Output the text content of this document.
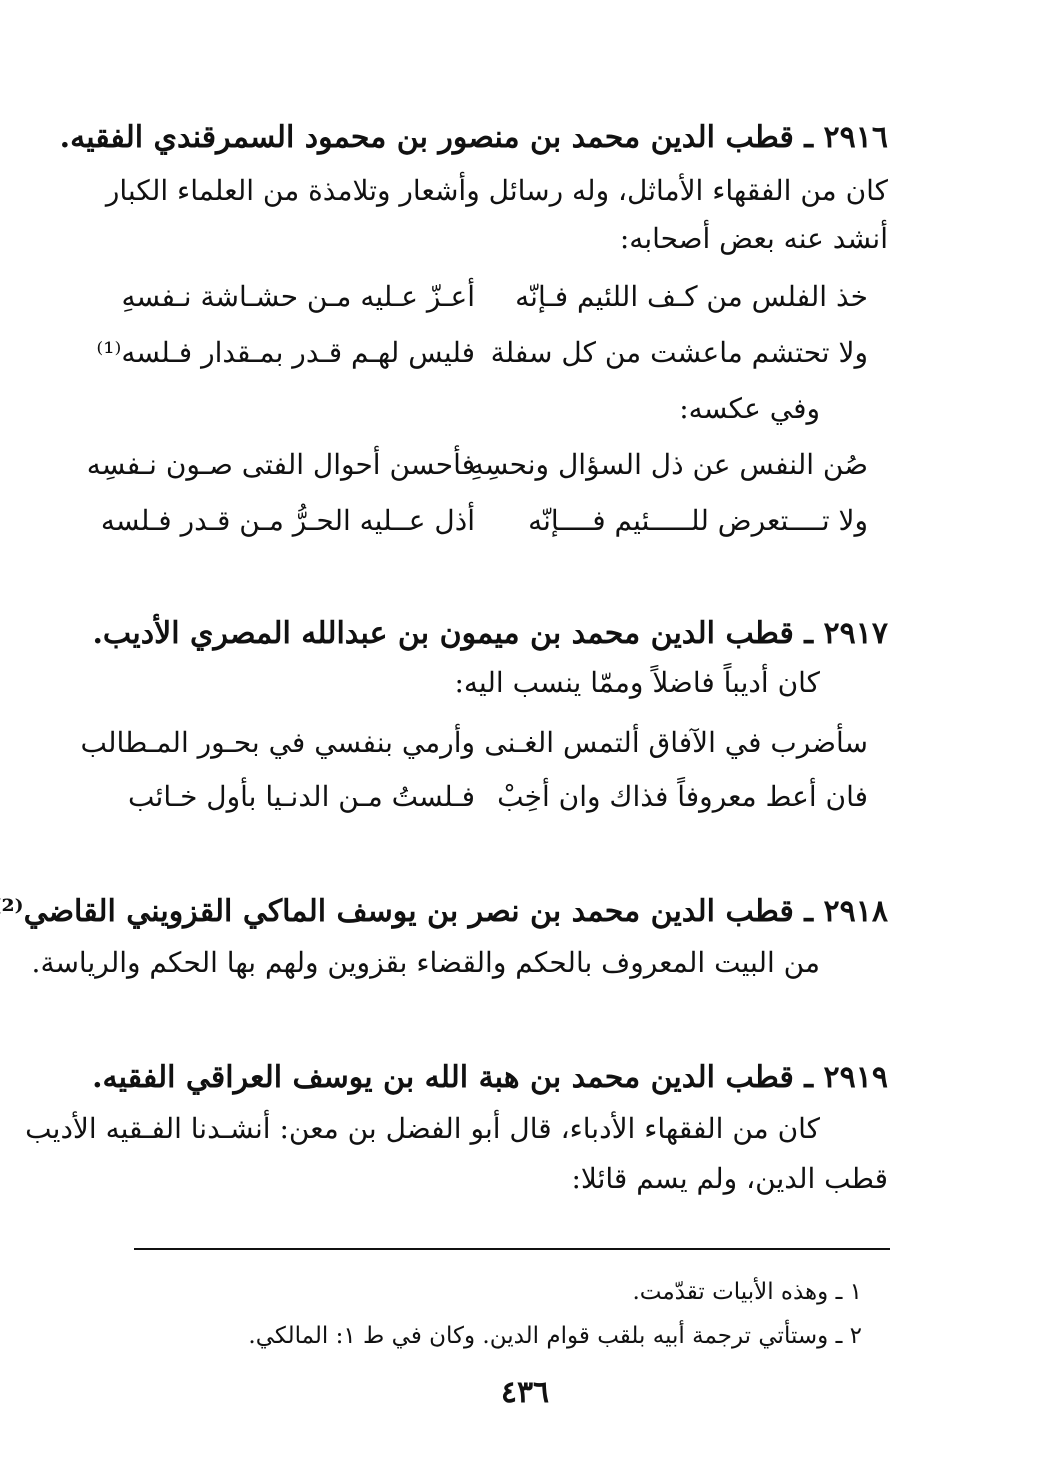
٢٩١٦ ـ قطب الدين محمد بن منصور بن محمود السمرقندي الفقيه.
كان من الفقهاء الأماثل، وله رسائل وأشعار وتلامذة من العلماء الكبار
أنشد عنه بعض أصحابه:
خذ الفلس من كـف اللئيم فـإنّه
أعـزّ عـليه مـن حشـاشة نـفسهِ
ولا تحتشم ماعشت من كل سفلة
فليس لهـم قـدر بمـقدار فـلسه⁽¹⁾
وفي عكسه:
صُن النفس عن ذل السؤال ونحسِهِ
فأحسن أحوال الفتى صـون نـفسِه
ولا تــــتعرض للـــــئيم فــــإنّه
أذل عــليه الحـرُّ مـن قـدر فـلسه
٢٩١٧ ـ قطب الدين محمد بن ميمون بن عبدالله المصري الأديب.
كان أديباً فاضلاً وممّا ينسب اليه:
سأضرب في الآفاق ألتمس الغـنى
وأرمي بنفسي في بحـور المـطالب
فان أعط معروفاً فذاك وان أخِبْ
فـلستُ مـن الدنـيا بأول خـائب
٢٩١٨ ـ قطب الدين محمد بن نصر بن يوسف الماكي القزويني القاضي⁽²
من البيت المعروف بالحكم والقضاء بقزوين ولهم بها الحكم والرياسة.
٢٩١٩ ـ قطب الدين محمد بن هبة الله بن يوسف العراقي الفقيه.
كان من الفقهاء الأدباء، قال أبو الفضل بن معن: أنشـدنا الفـقيه الأديب
قطب الدين، ولم يسم قائلا:
١ ـ وهذه الأبيات تقدّمت.
٢ ـ وستأتي ترجمة أبيه بلقب قوام الدين. وكان في ط ١: المالكي.
٤٣٦
